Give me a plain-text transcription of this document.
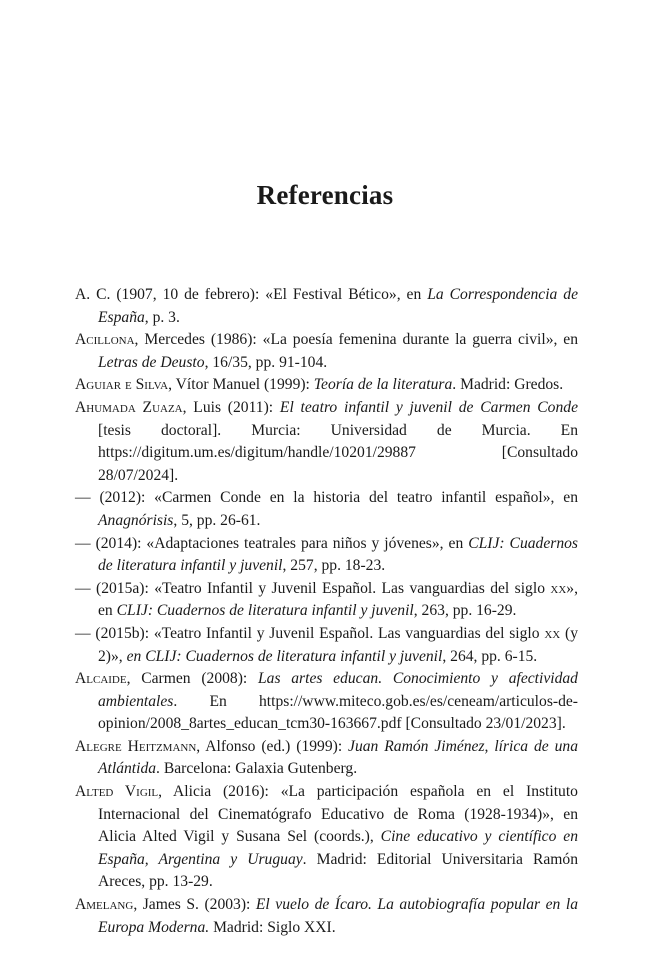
Referencias

A. C. (1907, 10 de febrero): «El Festival Bético», en La Correspondencia de España, p. 3.

Acillona, Mercedes (1986): «La poesía femenina durante la guerra civil», en Letras de Deusto, 16/35, pp. 91-104.

Aguiar e Silva, Vítor Manuel (1999): Teoría de la literatura. Madrid: Gredos.

Ahumada Zuaza, Luis (2011): El teatro infantil y juvenil de Carmen Conde [tesis doctoral]. Murcia: Universidad de Murcia. En https://digitum.um.es/digitum/handle/10201/29887 [Consultado 28/07/2024].

— (2012): «Carmen Conde en la historia del teatro infantil español», en Anagnórisis, 5, pp. 26-61.

— (2014): «Adaptaciones teatrales para niños y jóvenes», en CLIJ: Cuadernos de literatura infantil y juvenil, 257, pp. 18-23.

— (2015a): «Teatro Infantil y Juvenil Español. Las vanguardias del siglo xx», en CLIJ: Cuadernos de literatura infantil y juvenil, 263, pp. 16-29.

— (2015b): «Teatro Infantil y Juvenil Español. Las vanguardias del siglo xx (y 2)», en CLIJ: Cuadernos de literatura infantil y juvenil, 264, pp. 6-15.

Alcaide, Carmen (2008): Las artes educan. Conocimiento y afectividad ambientales. En https://www.miteco.gob.es/es/ceneam/articulos-de-opinion/2008_8artes_educan_tcm30-163667.pdf [Consultado 23/01/2023].

Alegre Heitzmann, Alfonso (ed.) (1999): Juan Ramón Jiménez, lírica de una Atlántida. Barcelona: Galaxia Gutenberg.

Alted Vigil, Alicia (2016): «La participación española en el Instituto Internacional del Cinematógrafo Educativo de Roma (1928-1934)», en Alicia Alted Vigil y Susana Sel (coords.), Cine educativo y científico en España, Argentina y Uruguay. Madrid: Editorial Universitaria Ramón Areces, pp. 13-29.

Amelang, James S. (2003): El vuelo de Ícaro. La autobiografía popular en la Europa Moderna. Madrid: Siglo XXI.
